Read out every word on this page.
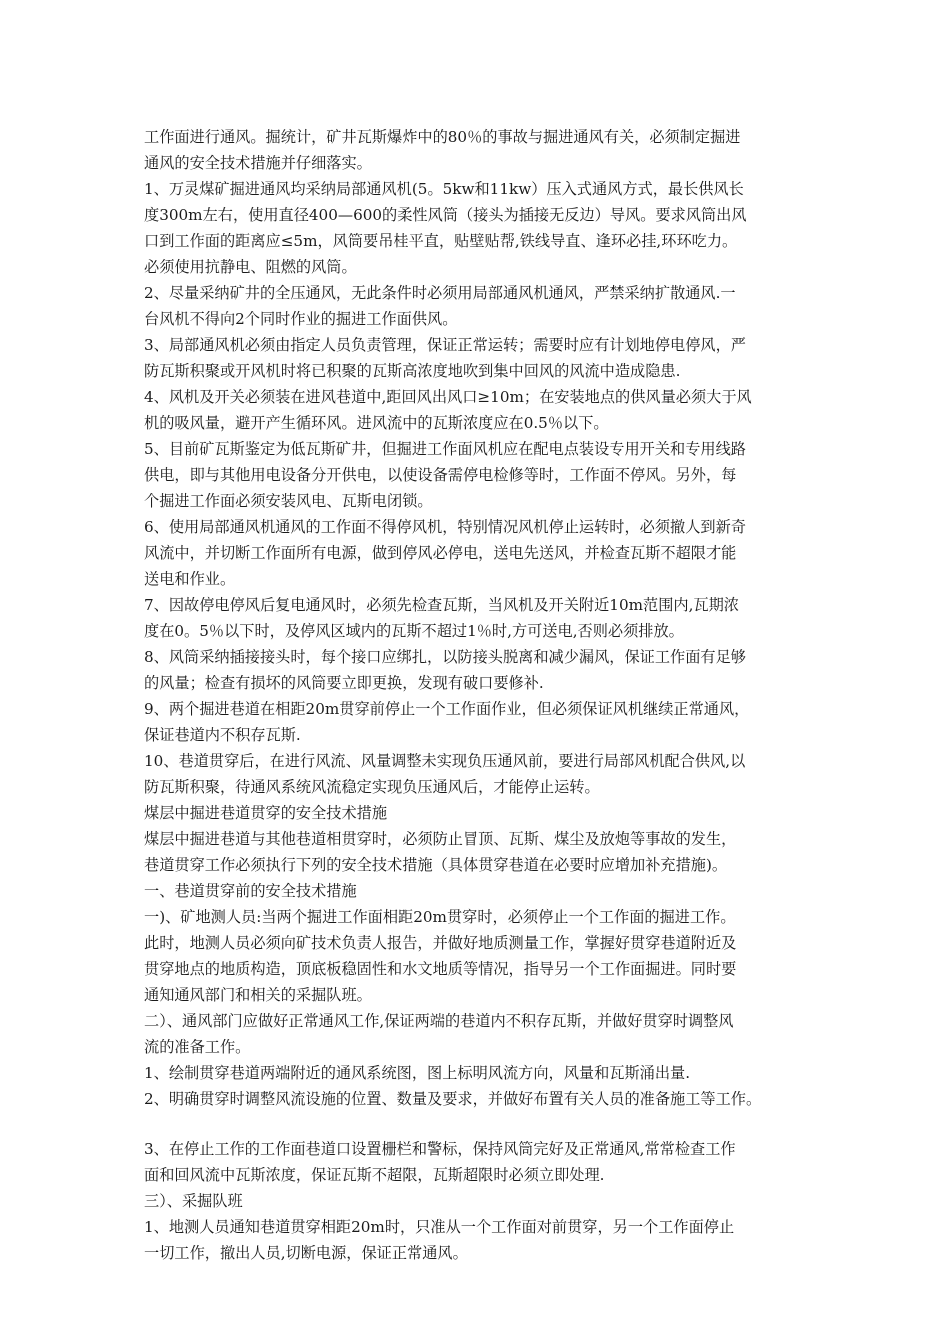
工作面进行通风。掘统计，矿井瓦斯爆炸中的80％的事故与掘进通风有关，必须制定掘进
通风的安全技术措施并仔细落实。
1、万灵煤矿掘进通风均采纳局部通风机(5。5kw和11kw）压入式通风方式，最长供风长
度300m左右，使用直径400—600的柔性风筒（接头为插接无反边）导风。要求风筒出风
口到工作面的距离应≤5m，风筒要吊桂平直，贴壁贴帮,铁线导直、逢环必挂,环环吃力。
必须使用抗静电、阻燃的风筒。
2、尽量采纳矿井的全压通风，无此条件时必须用局部通风机通风，严禁采纳扩散通风.一
台风机不得向2个同时作业的掘进工作面供风。
3、局部通风机必须由指定人员负责管理，保证正常运转；需要时应有计划地停电停风，严
防瓦斯积聚或开风机时将已积聚的瓦斯高浓度地吹到集中回风的风流中造成隐患.
4、风机及开关必须装在进风巷道中,距回风出风口≥10m；在安装地点的供风量必须大于风
机的吸风量，避开产生循环风。进风流中的瓦斯浓度应在0.5％以下。
5、目前矿瓦斯鉴定为低瓦斯矿井，但掘进工作面风机应在配电点装设专用开关和专用线路
供电，即与其他用电设备分开供电，以使设备需停电检修等时，工作面不停风。另外，每
个掘进工作面必须安装风电、瓦斯电闭锁。
6、使用局部通风机通风的工作面不得停风机，特别情况风机停止运转时，必须撤人到新奇
风流中，并切断工作面所有电源，做到停风必停电，送电先送风，并检查瓦斯不超限才能
送电和作业。
7、因故停电停风后复电通风时，必须先检查瓦斯，当风机及开关附近10m范围内,瓦期浓
度在0。5％以下时，及停风区域内的瓦斯不超过1％时,方可送电,否则必须排放。
8、风筒采纳插接接头时，每个接口应绑扎，以防接头脱离和减少漏风，保证工作面有足够
的风量；检查有损坏的风筒要立即更换，发现有破口要修补.
9、两个掘进巷道在相距20m贯穿前停止一个工作面作业，但必须保证风机继续正常通风，
保证巷道内不积存瓦斯.
10、巷道贯穿后，在进行风流、风量调整未实现负压通风前，要进行局部风机配合供风,以
防瓦斯积聚，待通风系统风流稳定实现负压通风后，才能停止运转。
煤层中掘进巷道贯穿的安全技术措施
煤层中掘进巷道与其他巷道相贯穿时，必须防止冒顶、瓦斯、煤尘及放炮等事故的发生，
巷道贯穿工作必须执行下列的安全技术措施（具体贯穿巷道在必要时应增加补充措施)。
一、巷道贯穿前的安全技术措施
一)、矿地测人员:当两个掘进工作面相距20m贯穿时，必须停止一个工作面的掘进工作。
此时，地测人员必须向矿技术负责人报告，并做好地质测量工作，掌握好贯穿巷道附近及
贯穿地点的地质构造，顶底板稳固性和水文地质等情况，指导另一个工作面掘进。同时要
通知通风部门和相关的采掘队班。
二）、通风部门应做好正常通风工作,保证两端的巷道内不积存瓦斯，并做好贯穿时调整风
流的准备工作。
1、绘制贯穿巷道两端附近的通风系统图，图上标明风流方向，风量和瓦斯涌出量.
2、明确贯穿时调整风流设施的位置、数量及要求，并做好布置有关人员的准备施工等工作。
3、在停止工作的工作面巷道口设置栅栏和警标，保持风筒完好及正常通风,常常检查工作
面和回风流中瓦斯浓度，保证瓦斯不超限，瓦斯超限时必须立即处理.
三）、采掘队班
1、地测人员通知巷道贯穿相距20m时，只准从一个工作面对前贯穿，另一个工作面停止
一切工作，撤出人员,切断电源，保证正常通风。
